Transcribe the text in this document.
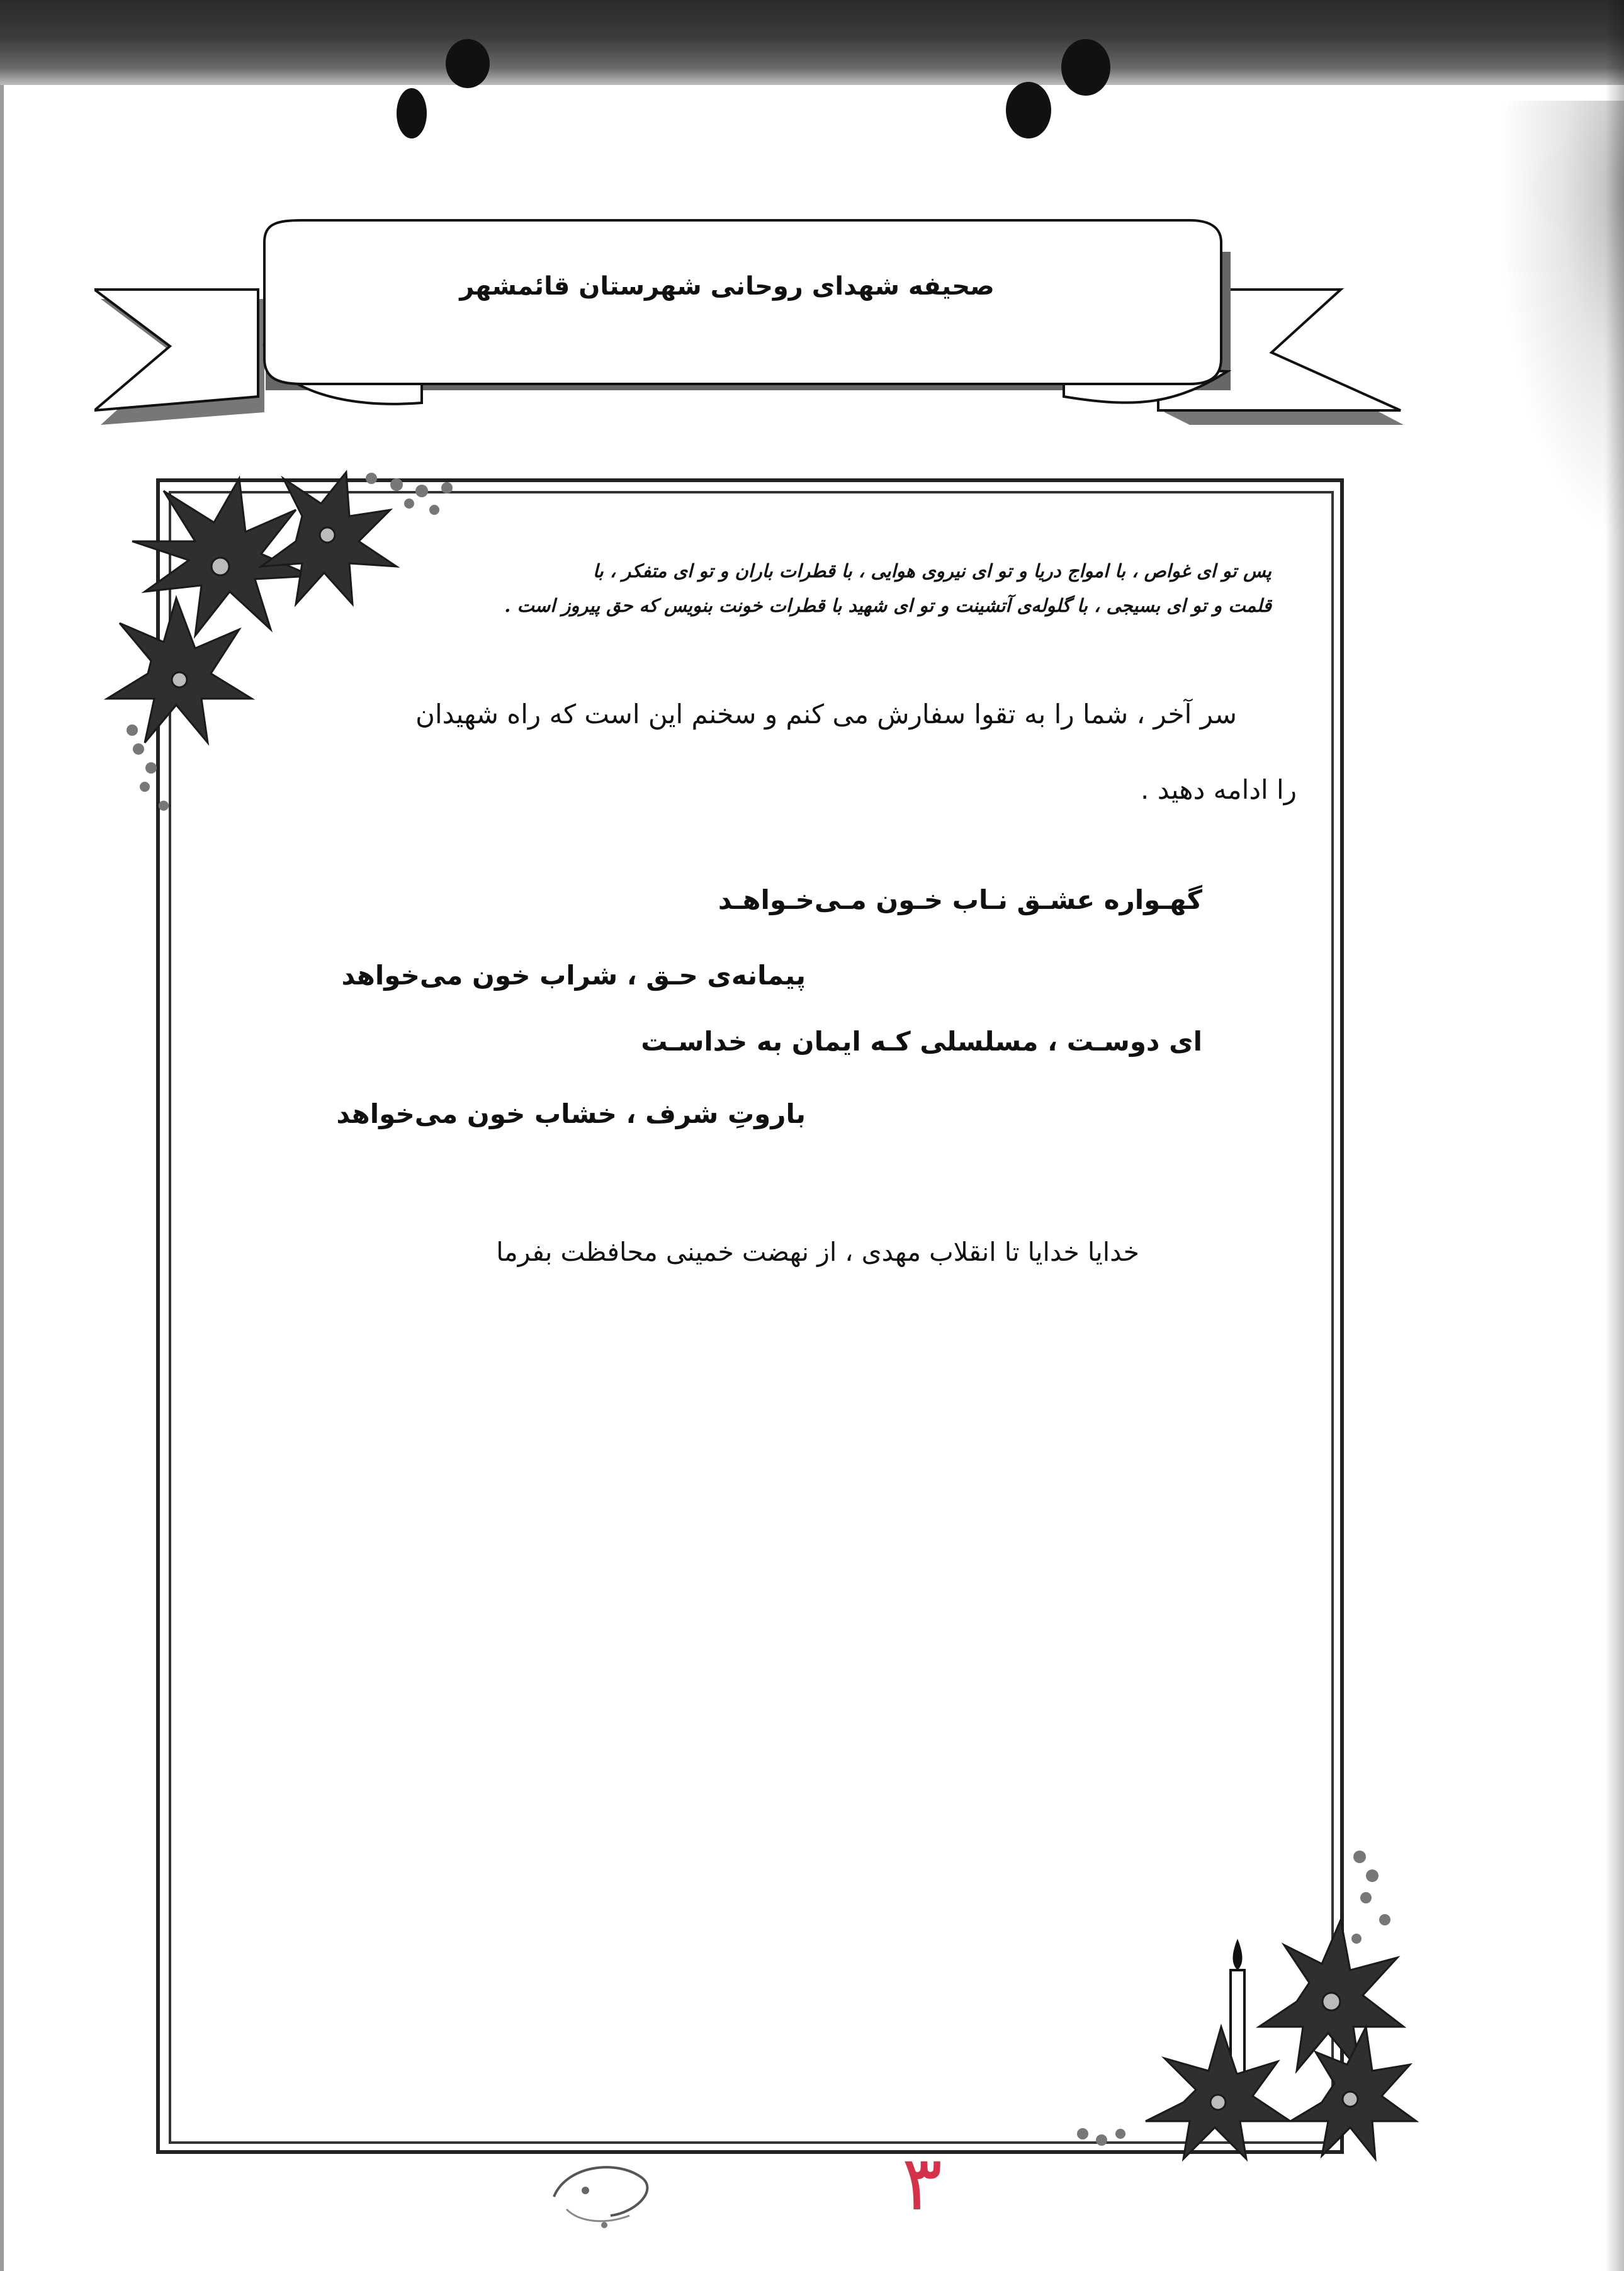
صحیفه شهدای روحانی شهرستان قائمشهر
پس تو ای غواص ، با امواج دریا و تو ای نیروی هوایی ، با قطرات باران و تو ای متفکر ، با
قلمت و تو ای بسیجی ، با گلوله‌ی آتشینت و تو ای شهید با قطرات خونت بنویس که حق پیروز است .
سر آخر ، شما را به تقوا سفارش می کنم و سخنم این است که راه شهیدان
را ادامه دهید .
گهـواره عشـق نـاب خـون مـی‌خـواهـد
پیمانه‌ی حـق ، شراب خون می‌خواهد
ای دوسـت ، مسلسلی کـه ایمان به خداسـت
باروتِ شرف ، خشاب خون می‌خواهد
خدایا خدایا تا انقلاب مهدی ، از نهضت خمینی محافظت بفرما
۳
